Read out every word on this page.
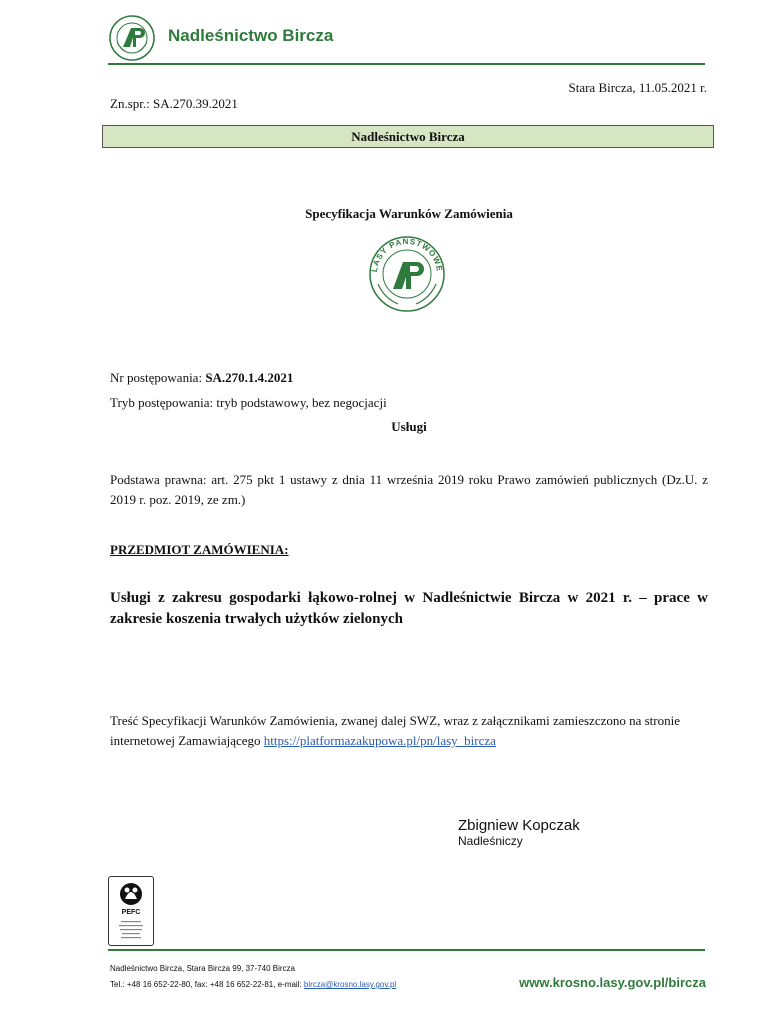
Nadleśnictwo Bircza
Stara Bircza, 11.05.2021 r.
Zn.spr.: SA.270.39.2021
Nadleśnictwo Bircza
Specyfikacja Warunków Zamówienia
LASY PAŃSTWOWE
Nr postępowania: SA.270.1.4.2021
Tryb postępowania: tryb podstawowy, bez negocjacji
Usługi
Podstawa prawna: art. 275 pkt 1 ustawy z dnia 11 września 2019 roku Prawo zamówień publicznych (Dz.U. z 2019 r. poz. 2019, ze zm.)
PRZEDMIOT ZAMÓWIENIA:
Usługi z zakresu gospodarki łąkowo-rolnej w Nadleśnictwie Bircza w 2021 r. – prace w zakresie koszenia trwałych użytków zielonych
Treść Specyfikacji Warunków Zamówienia, zwanej dalej SWZ, wraz z załącznikami zamieszczono na stronie internetowej Zamawiającego https://platformazakupowa.pl/pn/lasy_bircza
Zbigniew Kopczak
Nadleśniczy
PEFC
Nadleśnictwo Bircza, Stara Bircza 99, 37-740 Bircza
Tel.: +48 16 652-22-80, fax: +48 16 652-22-81, e-mail: bircza@krosno.lasy.gov.pl	www.krosno.lasy.gov.pl/bircza
